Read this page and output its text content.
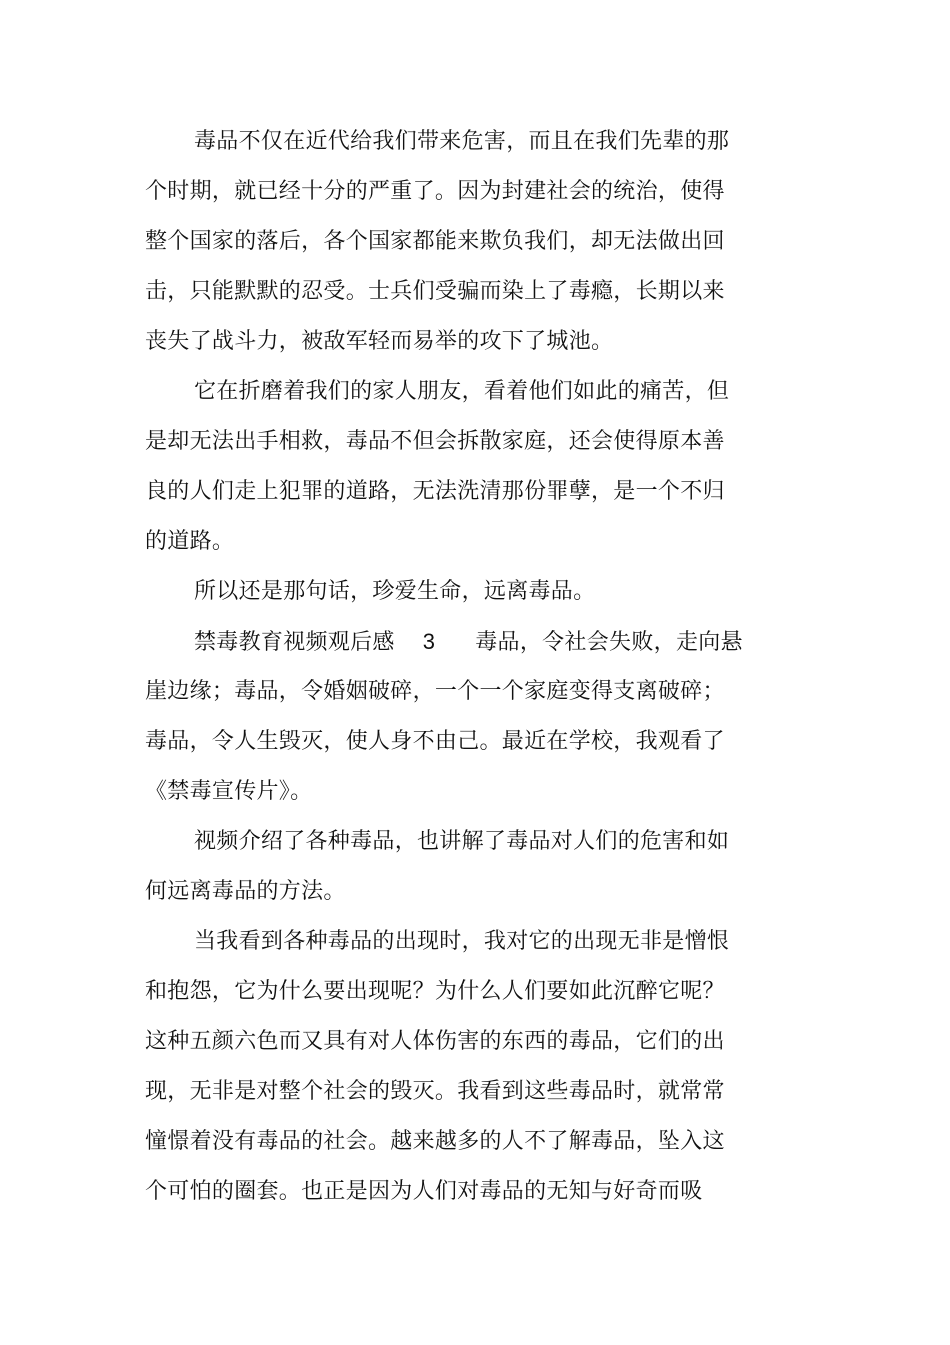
毒品不仅在近代给我们带来危害，而且在我们先辈的那
个时期，就已经十分的严重了。因为封建社会的统治，使得
整个国家的落后，各个国家都能来欺负我们，却无法做出回
击，只能默默的忍受。士兵们受骗而染上了毒瘾，长期以来
丧失了战斗力，被敌军轻而易举的攻下了城池。
它在折磨着我们的家人朋友，看着他们如此的痛苦，但
是却无法出手相救，毒品不但会拆散家庭，还会使得原本善
良的人们走上犯罪的道路，无法洗清那份罪孽，是一个不归
的道路。
所以还是那句话，珍爱生命，远离毒品。
禁毒教育视频观后感 3 毒品，令社会失败，走向悬
崖边缘；毒品，令婚姻破碎，一个一个家庭变得支离破碎；
毒品，令人生毁灭，使人身不由己。最近在学校，我观看了
《禁毒宣传片》。
视频介绍了各种毒品，也讲解了毒品对人们的危害和如
何远离毒品的方法。
当我看到各种毒品的出现时，我对它的出现无非是憎恨
和抱怨，它为什么要出现呢？为什么人们要如此沉醉它呢？
这种五颜六色而又具有对人体伤害的东西的毒品，它们的出
现，无非是对整个社会的毁灭。我看到这些毒品时，就常常
憧憬着没有毒品的社会。越来越多的人不了解毒品，坠入这
个可怕的圈套。也正是因为人们对毒品的无知与好奇而吸
